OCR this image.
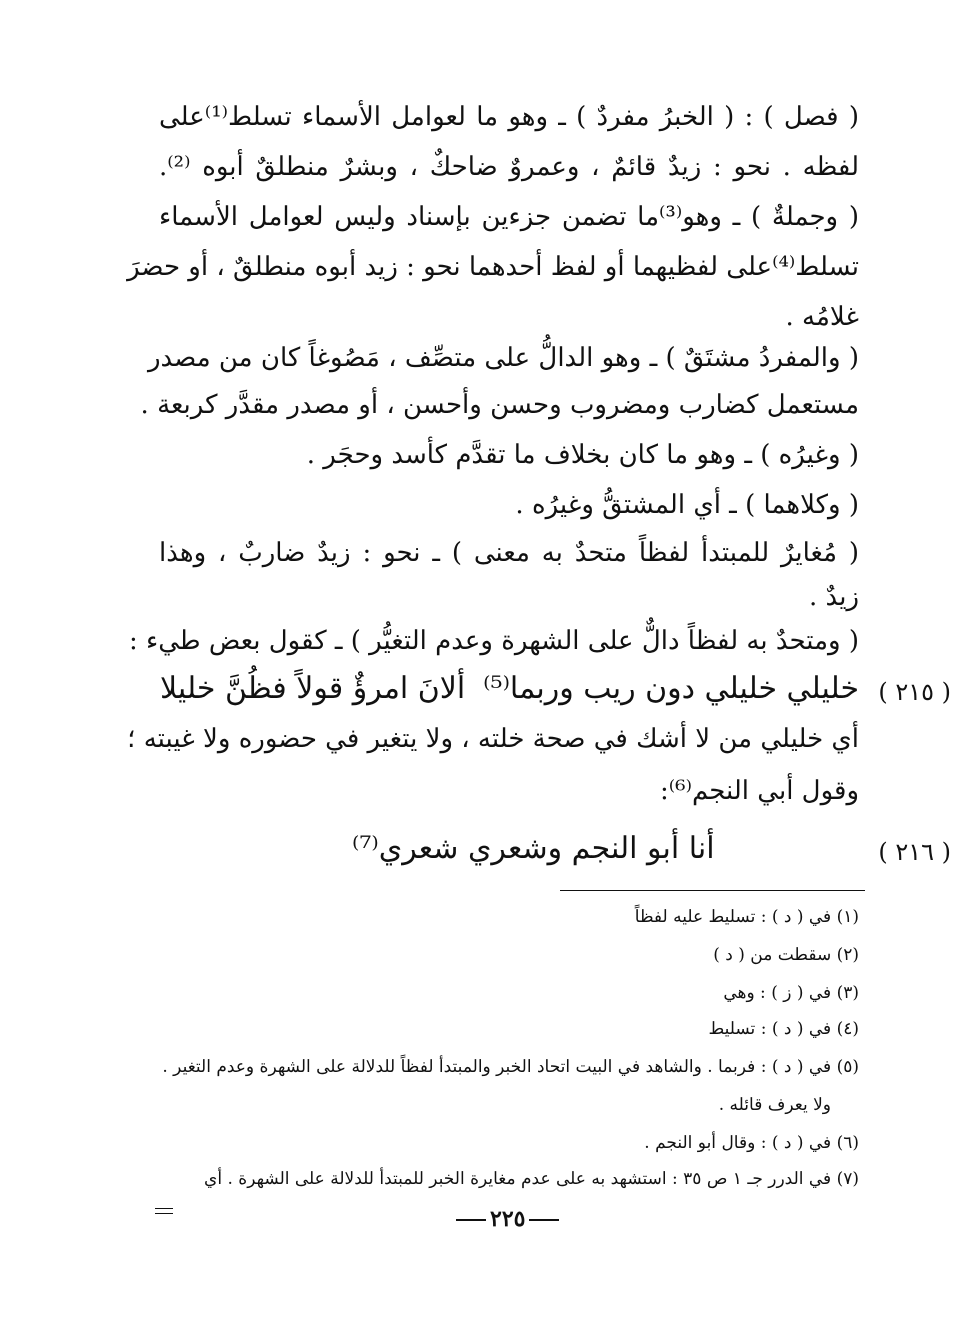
( فصل ) : ( الخبرُ مفردٌ ) ـ وهو ما لعوامل الأسماء تسلط⁽¹⁾على
لفظه . نحو : زيدٌ قائمٌ ، وعمروٌ ضاحكٌ ، وبشرٌ منطلقٌ أبوه ⁽²⁾.
( وجملةٌ ) ـ وهو⁽³⁾ما تضمن جزءين بإسناد وليس لعوامل الأسماء
تسلط⁽⁴⁾على لفظيهما أو لفظ أحدهما نحو : زيد أبوه منطلقٌ ، أو حضرَ
غلامُه .
( والمفردُ مشتَقٌ ) ـ وهو الدالُّ على متصِّف ، مَصُوغاً كان من مصدر
مستعمل كضارب ومضروب وحسن وأحسن ، أو مصدر مقدَّر كربعة .
( وغيرُه ) ـ وهو ما كان بخلاف ما تقدَّم كأسد وحجَر .
( وكلاهما ) ـ أي المشتقُّ وغيرُه .
( مُغايرٌ للمبتدأ لفظاً متحدٌ به معنى ) ـ نحو : زيدٌ ضاربٌ ، وهذا
زيدٌ .
( ومتحدٌ به لفظاً دالٌّ على الشهرة وعدم التغيُّر ) ـ كقول بعض طيء :
( ٢١٥ )
خليلي خليلي دون ريب وربما⁽⁵⁾
ألانَ امرؤٌ قولاً فظُنَّ خليلا
أي خليلي من لا أشك في صحة خلته ، ولا يتغير في حضوره ولا غيبته ؛
وقول أبي النجم⁽⁶⁾:
( ٢١٦ )
أنا أبو النجم وشعري شعري⁽⁷⁾
(١) في ( د ) : تسليط عليه لفظاً
(٢) سقطت من ( د )
(٣) في ( ز ) : وهي
(٤) في ( د ) : تسليط
(٥) في ( د ) : فربما . والشاهد في البيت اتحاد الخبر والمبتدأ لفظاً للدلالة على الشهرة وعدم التغير .
ولا يعرف قائله .
(٦) في ( د ) : وقال أبو النجم .
(٧) في الدرر جـ ١ ص ٣٥ : استشهد به على عدم مغايرة الخبر للمبتدأ للدلالة على الشهرة . أي
٢٢٥
